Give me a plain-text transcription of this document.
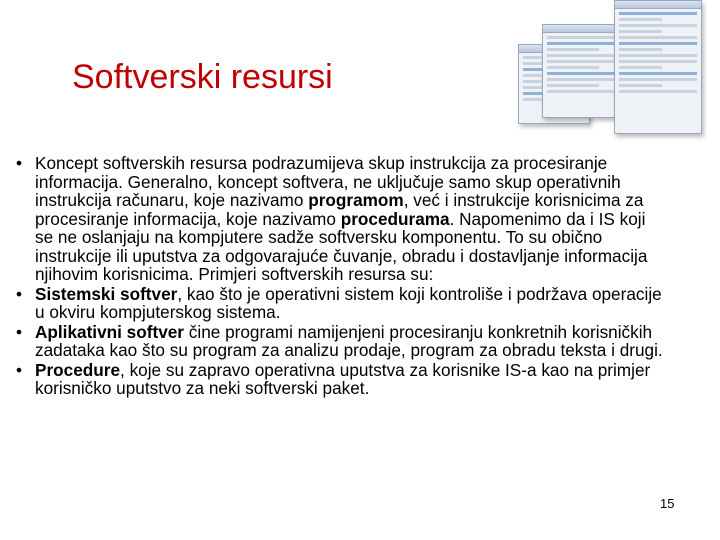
Softverski resursi
• Koncept softverskih resursa podrazumijeva skup instrukcija za procesiranje informacija. Generalno, koncept softvera, ne uključuje samo skup operativnih instrukcija računaru, koje nazivamo programom, već i instrukcije korisnicima za procesiranje informacija, koje nazivamo procedurama. Napomenimo da i IS koji se ne oslanjaju na kompjutere sadže softversku komponentu. To su obično instrukcije ili uputstva za odgovarajuće čuvanje, obradu i dostavljanje informacija njihovim korisnicima. Primjeri softverskih resursa su:
• Sistemski softver, kao što je operativni sistem koji kontroliše i podržava operacije u okviru kompjuterskog sistema.
• Aplikativni softver čine programi namijenjeni procesiranju konkretnih korisničkih zadataka kao što su program za analizu prodaje, program za obradu teksta i drugi.
• Procedure, koje su zapravo operativna uputstva za korisnike IS-a kao na primjer korisničko uputstvo za neki softverski paket.
15
